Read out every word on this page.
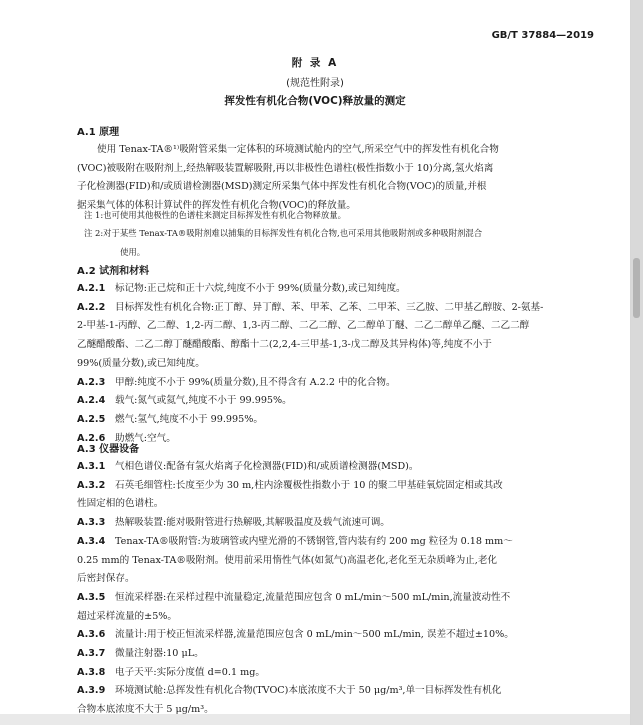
GB/T 37884—2019
附 录 A
(规范性附录)
挥发性有机化合物(VOC)释放量的测定
A.1 原理
使用 Tenax-TA®¹⁾吸附管采集一定体积的环境测试舱内的空气,所采空气中的挥发性有机化合物
(VOC)被吸附在吸附剂上,经热解吸装置解吸附,再以非极性色谱柱(极性指数小于 10)分离,氢火焰离
子化检测器(FID)和/或质谱检测器(MSD)测定所采集气体中挥发性有机化合物(VOC)的质量,并根
据采集气体的体积计算试件的挥发性有机化合物(VOC)的释放量。
注 1:也可使用其他极性的色谱柱来测定目标挥发性有机化合物释放量。
注 2:对于某些 Tenax-TA®吸附剂难以捕集的目标挥发性有机化合物,也可采用其他吸附剂或多种吸附剂混合
使用。
A.2 试剂和材料
A.2.1 标记物:正己烷和正十六烷,纯度不小于 99%(质量分数),或已知纯度。
A.2.2 目标挥发性有机化合物:正丁醇、异丁醇、苯、甲苯、乙苯、二甲苯、三乙胺、二甲基乙醇胺、2-氨基-
2-甲基-1-丙醇、乙二醇、1,2-丙二醇、1,3-丙二醇、二乙二醇、乙二醇单丁醚、二乙二醇单乙醚、二乙二醇
乙醚醋酸酯、二乙二醇丁醚醋酸酯、醇酯十二(2,2,4-三甲基-1,3-戊二醇及其异构体)等,纯度不小于
99%(质量分数),或已知纯度。
A.2.3 甲醇:纯度不小于 99%(质量分数),且不得含有 A.2.2 中的化合物。
A.2.4 载气:氮气或氦气,纯度不小于 99.995%。
A.2.5 燃气:氢气,纯度不小于 99.995%。
A.2.6 助燃气:空气。
A.3 仪器设备
A.3.1 气相色谱仪:配备有氢火焰离子化检测器(FID)和/或质谱检测器(MSD)。
A.3.2 石英毛细管柱:长度至少为 30 m,柱内涂覆极性指数小于 10 的聚二甲基硅氧烷固定相或其改
性固定相的色谱柱。
A.3.3 热解吸装置:能对吸附管进行热解吸,其解吸温度及载气流速可调。
A.3.4 Tenax-TA®吸附管:为玻璃管或内壁光滑的不锈钢管,管内装有约 200 mg 粒径为 0.18 mm～
0.25 mm的 Tenax-TA®吸附剂。使用前采用惰性气体(如氮气)高温老化,老化至无杂质峰为止,老化
后密封保存。
A.3.5 恒流采样器:在采样过程中流量稳定,流量范围应包含 0 mL/min～500 mL/min,流量波动性不
超过采样流量的±5%。
A.3.6 流量计:用于校正恒流采样器,流量范围应包含 0 mL/min～500 mL/min, 误差不超过±10%。
A.3.7 微量注射器:10 μL。
A.3.8 电子天平:实际分度值 d=0.1 mg。
A.3.9 环境测试舱:总挥发性有机化合物(TVOC)本底浓度不大于 50 μg/m³,单一目标挥发性有机化
合物本底浓度不大于 5 μg/m³。
